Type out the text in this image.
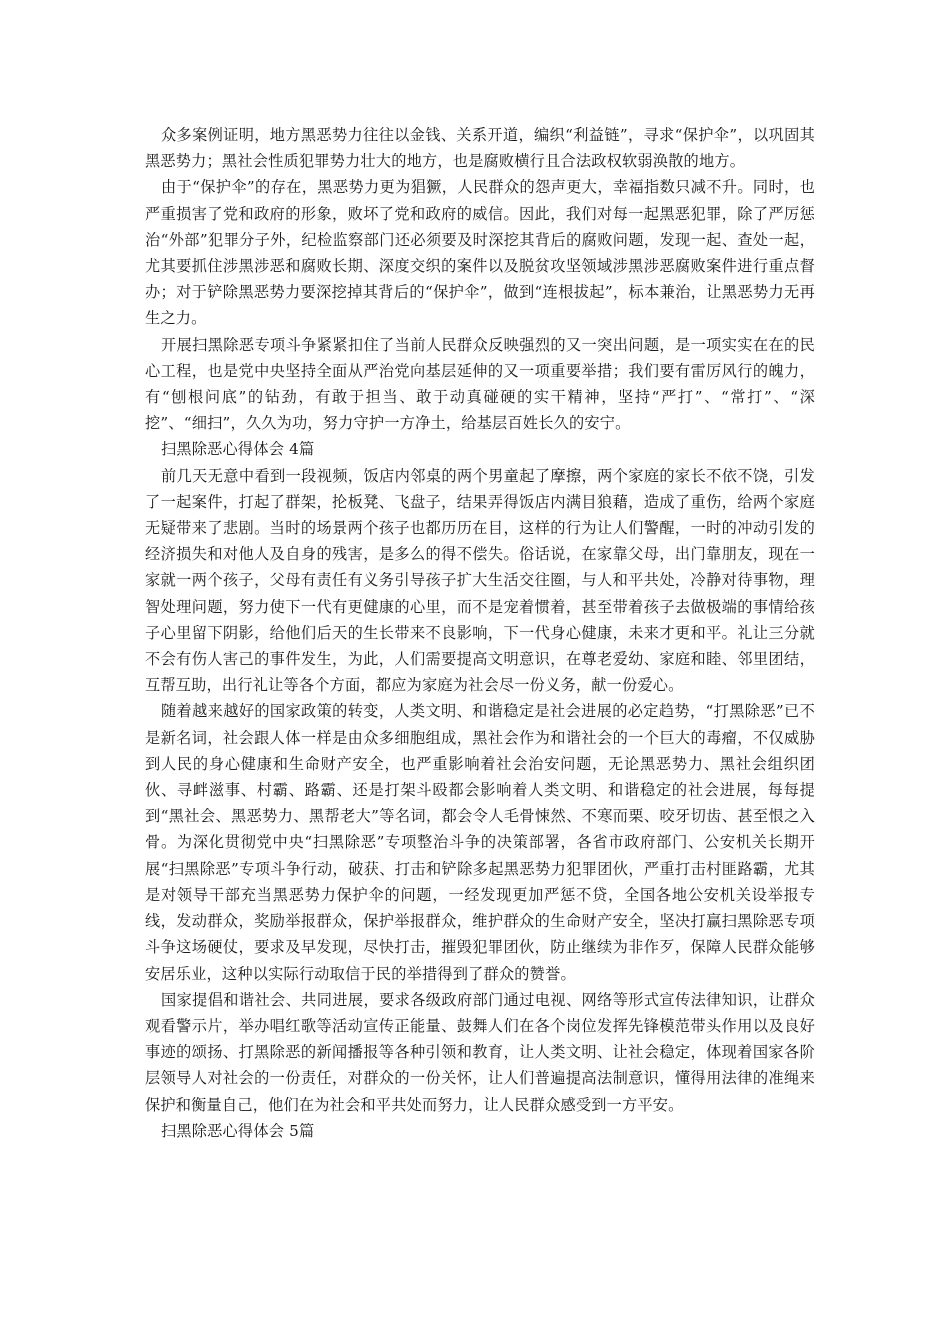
众多案例证明，地方黑恶势力往往以金钱、关系开道，编织“利益链”，寻求“保护伞”，以巩固其黑恶势力；黑社会性质犯罪势力壮大的地方，也是腐败横行且合法政权软弱涣散的地方。

由于“保护伞”的存在，黑恶势力更为猖獗，人民群众的怨声更大，幸福指数只减不升。同时，也严重损害了党和政府的形象，败坏了党和政府的威信。因此，我们对每一起黑恶犯罪，除了严厉惩治“外部”犯罪分子外，纪检监察部门还必须要及时深挖其背后的腐败问题，发现一起、查处一起，尤其要抓住涉黑涉恶和腐败长期、深度交织的案件以及脱贫攻坚领域涉黑涉恶腐败案件进行重点督办；对于铲除黑恶势力要深挖掉其背后的“保护伞”，做到“连根拔起”，标本兼治，让黑恶势力无再生之力。

开展扫黑除恶专项斗争紧紧扣住了当前人民群众反映强烈的又一突出问题，是一项实实在在的民心工程，也是党中央坚持全面从严治党向基层延伸的又一项重要举措；我们要有雷厉风行的魄力，有“刨根问底”的钻劲，有敢于担当、敢于动真碰硬的实干精神，坚持“严打”、“常打”、“深挖”、“细扫”，久久为功，努力守护一方净土，给基层百姓长久的安宁。

扫黑除恶心得体会 4篇

前几天无意中看到一段视频，饭店内邻桌的两个男童起了摩擦，两个家庭的家长不依不饶，引发了一起案件，打起了群架，抡板凳、飞盘子，结果弄得饭店内满目狼藉，造成了重伤，给两个家庭无疑带来了悲剧。当时的场景两个孩子也都历历在目，这样的行为让人们警醒，一时的冲动引发的经济损失和对他人及自身的残害，是多么的得不偿失。俗话说，在家靠父母，出门靠朋友，现在一家就一两个孩子，父母有责任有义务引导孩子扩大生活交往圈，与人和平共处，冷静对待事物，理智处理问题，努力使下一代有更健康的心里，而不是宠着惯着，甚至带着孩子去做极端的事情给孩子心里留下阴影，给他们后天的生长带来不良影响，下一代身心健康，未来才更和平。礼让三分就不会有伤人害己的事件发生，为此，人们需要提高文明意识，在尊老爱幼、家庭和睦、邻里团结，互帮互助，出行礼让等各个方面，都应为家庭为社会尽一份义务，献一份爱心。

随着越来越好的国家政策的转变，人类文明、和谐稳定是社会进展的必定趋势，“打黑除恶”已不是新名词，社会跟人体一样是由众多细胞组成，黑社会作为和谐社会的一个巨大的毒瘤，不仅威胁到人民的身心健康和生命财产安全，也严重影响着社会治安问题，无论黑恶势力、黑社会组织团伙、寻衅滋事、村霸、路霸、还是打架斗殴都会影响着人类文明、和谐稳定的社会进展，每每提到“黑社会、黑恶势力、黑帮老大”等名词，都会令人毛骨悚然、不寒而栗、咬牙切齿、甚至恨之入骨。为深化贯彻党中央“扫黑除恶”专项整治斗争的决策部署，各省市政府部门、公安机关长期开展“扫黑除恶”专项斗争行动，破获、打击和铲除多起黑恶势力犯罪团伙，严重打击村匪路霸，尤其是对领导干部充当黑恶势力保护伞的问题，一经发现更加严惩不贷，全国各地公安机关设举报专线，发动群众，奖励举报群众，保护举报群众，维护群众的生命财产安全，坚决打赢扫黑除恶专项斗争这场硬仗，要求及早发现，尽快打击，摧毁犯罪团伙，防止继续为非作歹，保障人民群众能够安居乐业，这种以实际行动取信于民的举措得到了群众的赞誉。

国家提倡和谐社会、共同进展，要求各级政府部门通过电视、网络等形式宣传法律知识，让群众观看警示片，举办唱红歌等活动宣传正能量、鼓舞人们在各个岗位发挥先锋模范带头作用以及良好事迹的颂扬、打黑除恶的新闻播报等各种引领和教育，让人类文明、让社会稳定，体现着国家各阶层领导人对社会的一份责任，对群众的一份关怀，让人们普遍提高法制意识，懂得用法律的准绳来保护和衡量自己，他们在为社会和平共处而努力，让人民群众感受到一方平安。

扫黑除恶心得体会 5篇
